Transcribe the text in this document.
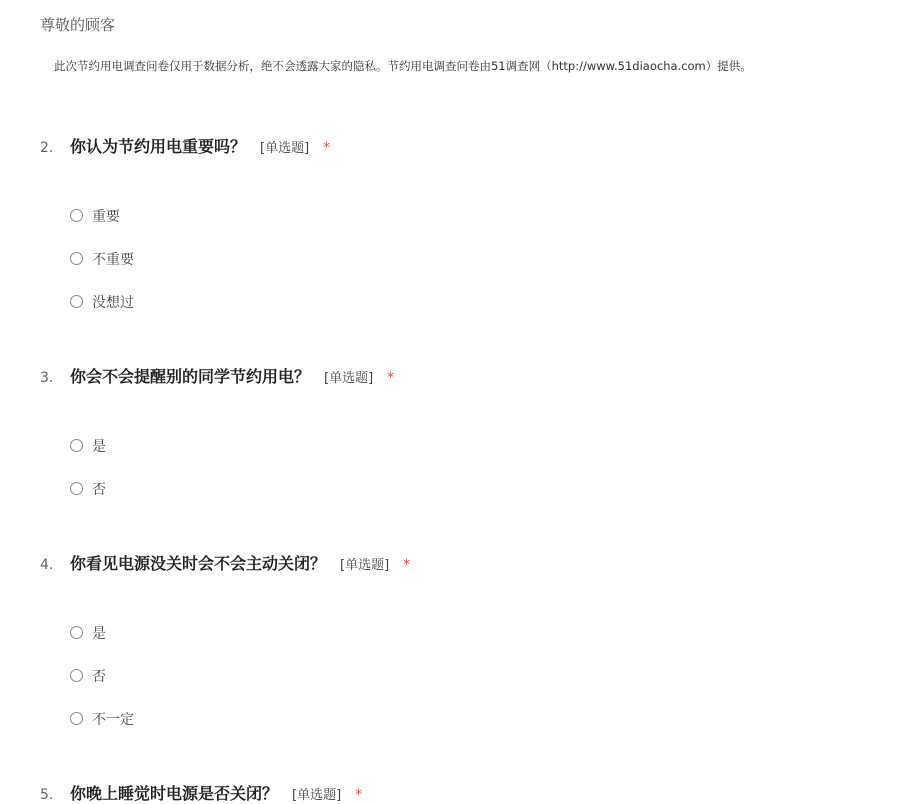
尊敬的顾客
此次节约用电调查问卷仅用于数据分析，绝不会透露大家的隐私。节约用电调查问卷由51调查网（http://www.51diaocha.com）提供。
2.	你认为节约用电重要吗？ [单选题] *
重要
不重要
没想过
3.	你会不会提醒别的同学节约用电？ [单选题] *
是
否
4.	你看见电源没关时会不会主动关闭？ [单选题] *
是
否
不一定
5.	你晚上睡觉时电源是否关闭？ [单选题] *
